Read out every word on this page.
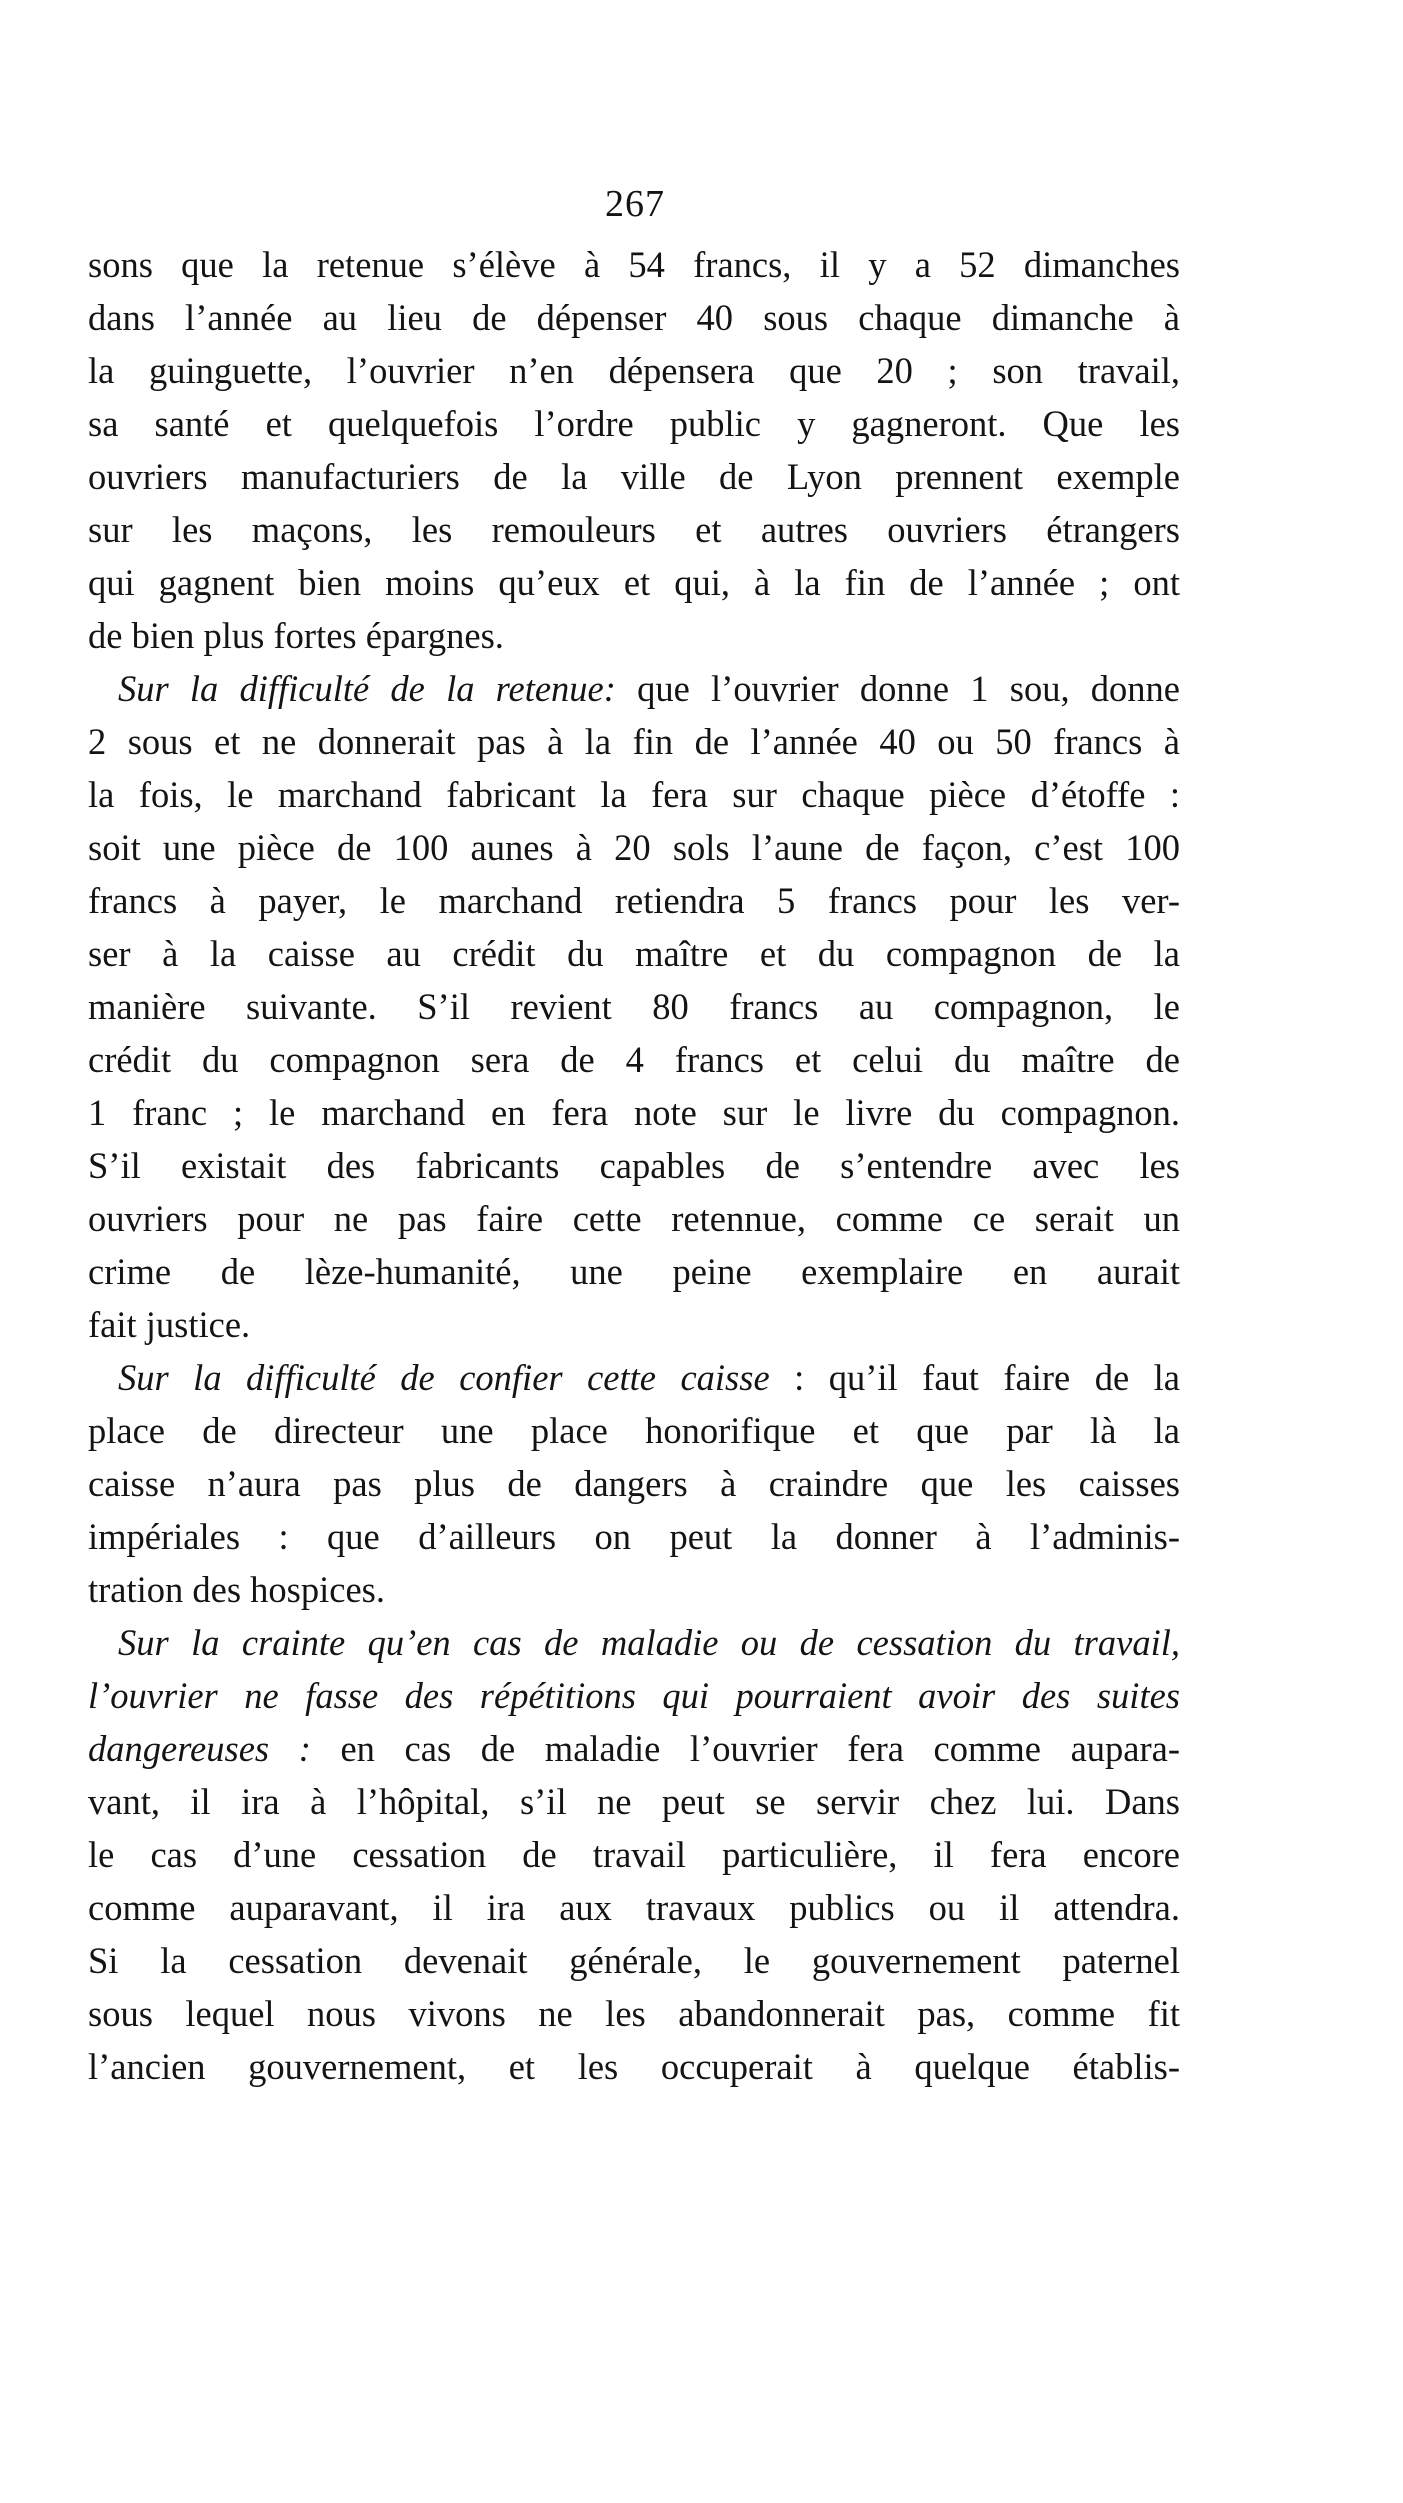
267
sons que la retenue s’élève à 54 francs, il y a 52 dimanches
dans l’année au lieu de dépenser 40 sous chaque dimanche à
la guinguette, l’ouvrier n’en dépensera que 20 ; son travail,
sa santé et quelquefois l’ordre public y gagneront. Que les
ouvriers manufacturiers de la ville de Lyon prennent exemple
sur les maçons, les remouleurs et autres ouvriers étrangers
qui gagnent bien moins qu’eux et qui, à la fin de l’année ; ont
de bien plus fortes épargnes.
Sur la difficulté de la retenue: que l’ouvrier donne 1 sou, donne
2 sous et ne donnerait pas à la fin de l’année 40 ou 50 francs à
la fois, le marchand fabricant la fera sur chaque pièce d’étoffe :
soit une pièce de 100 aunes à 20 sols l’aune de façon, c’est 100
francs à payer, le marchand retiendra 5 francs pour les ver-
ser à la caisse au crédit du maître et du compagnon de la
manière suivante. S’il revient 80 francs au compagnon, le
crédit du compagnon sera de 4 francs et celui du maître de
1 franc ; le marchand en fera note sur le livre du compagnon.
S’il existait des fabricants capables de s’entendre avec les
ouvriers pour ne pas faire cette retennue, comme ce serait un
crime de lèze-humanité, une peine exemplaire en aurait
fait justice.
Sur la difficulté de confier cette caisse : qu’il faut faire de la
place de directeur une place honorifique et que par là la
caisse n’aura pas plus de dangers à craindre que les caisses
impériales : que d’ailleurs on peut la donner à l’adminis-
tration des hospices.
Sur la crainte qu’en cas de maladie ou de cessation du travail,
l’ouvrier ne fasse des répétitions qui pourraient avoir des suites
dangereuses : en cas de maladie l’ouvrier fera comme aupara-
vant, il ira à l’hôpital, s’il ne peut se servir chez lui. Dans
le cas d’une cessation de travail particulière, il fera encore
comme auparavant, il ira aux travaux publics ou il attendra.
Si la cessation devenait générale, le gouvernement paternel
sous lequel nous vivons ne les abandonnerait pas, comme fit
l’ancien gouvernement, et les occuperait à quelque établis-
